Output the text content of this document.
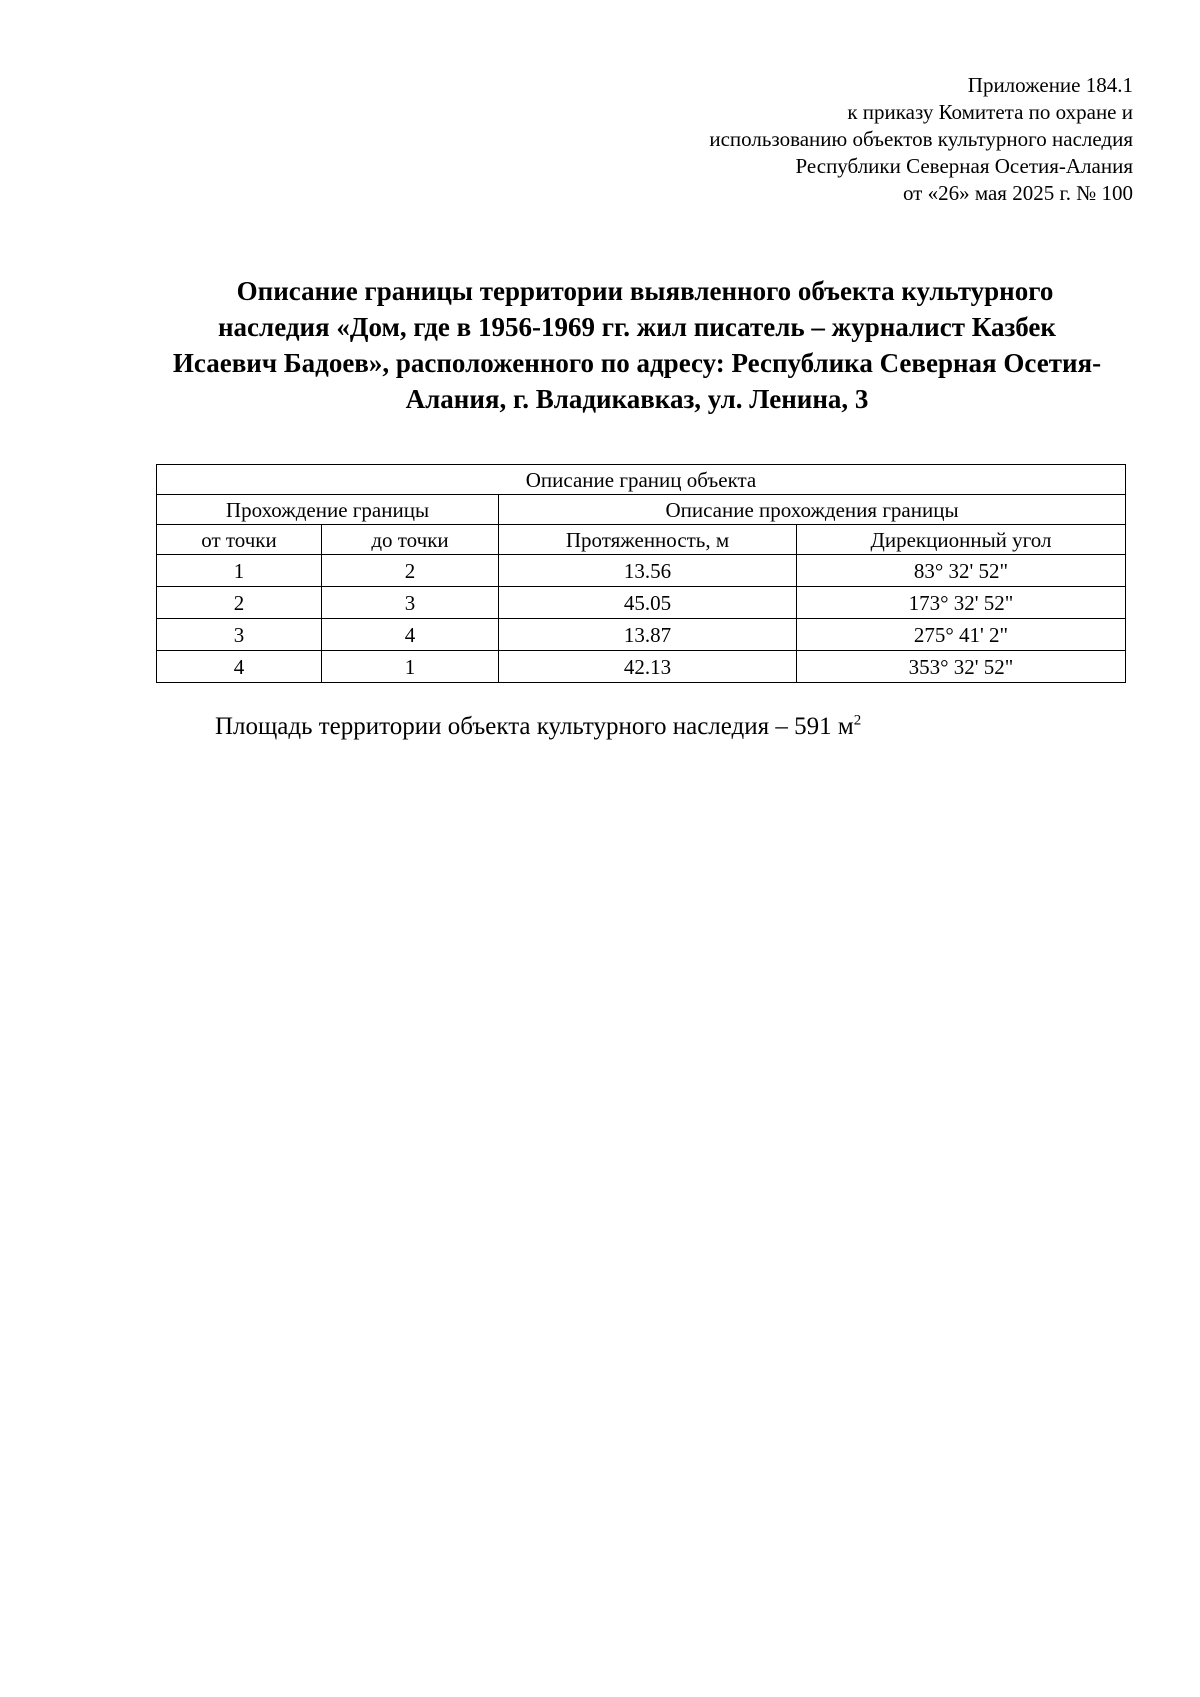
Приложение 184.1
к приказу Комитета по охране и
использованию объектов культурного наследия
Республики Северная Осетия-Алания
от «26» мая 2025 г. № 100
Описание границы территории выявленного объекта культурного
наследия «Дом, где в 1956-1969 гг. жил писатель – журналист Казбек
Исаевич Бадоев», расположенного по адресу: Республика Северная Осетия-
Алания, г. Владикавказ, ул. Ленина, 3
Описание границ объекта			
Прохождение границы		Описание прохождения границы	
от точки	до точки	Протяженность, м	Дирекционный угол
1	2	13.56	83° 32' 52"
2	3	45.05	173° 32' 52"
3	4	13.87	275° 41' 2"
4	1	42.13	353° 32' 52"
Площадь территории объекта культурного наследия – 591 $м^2$
